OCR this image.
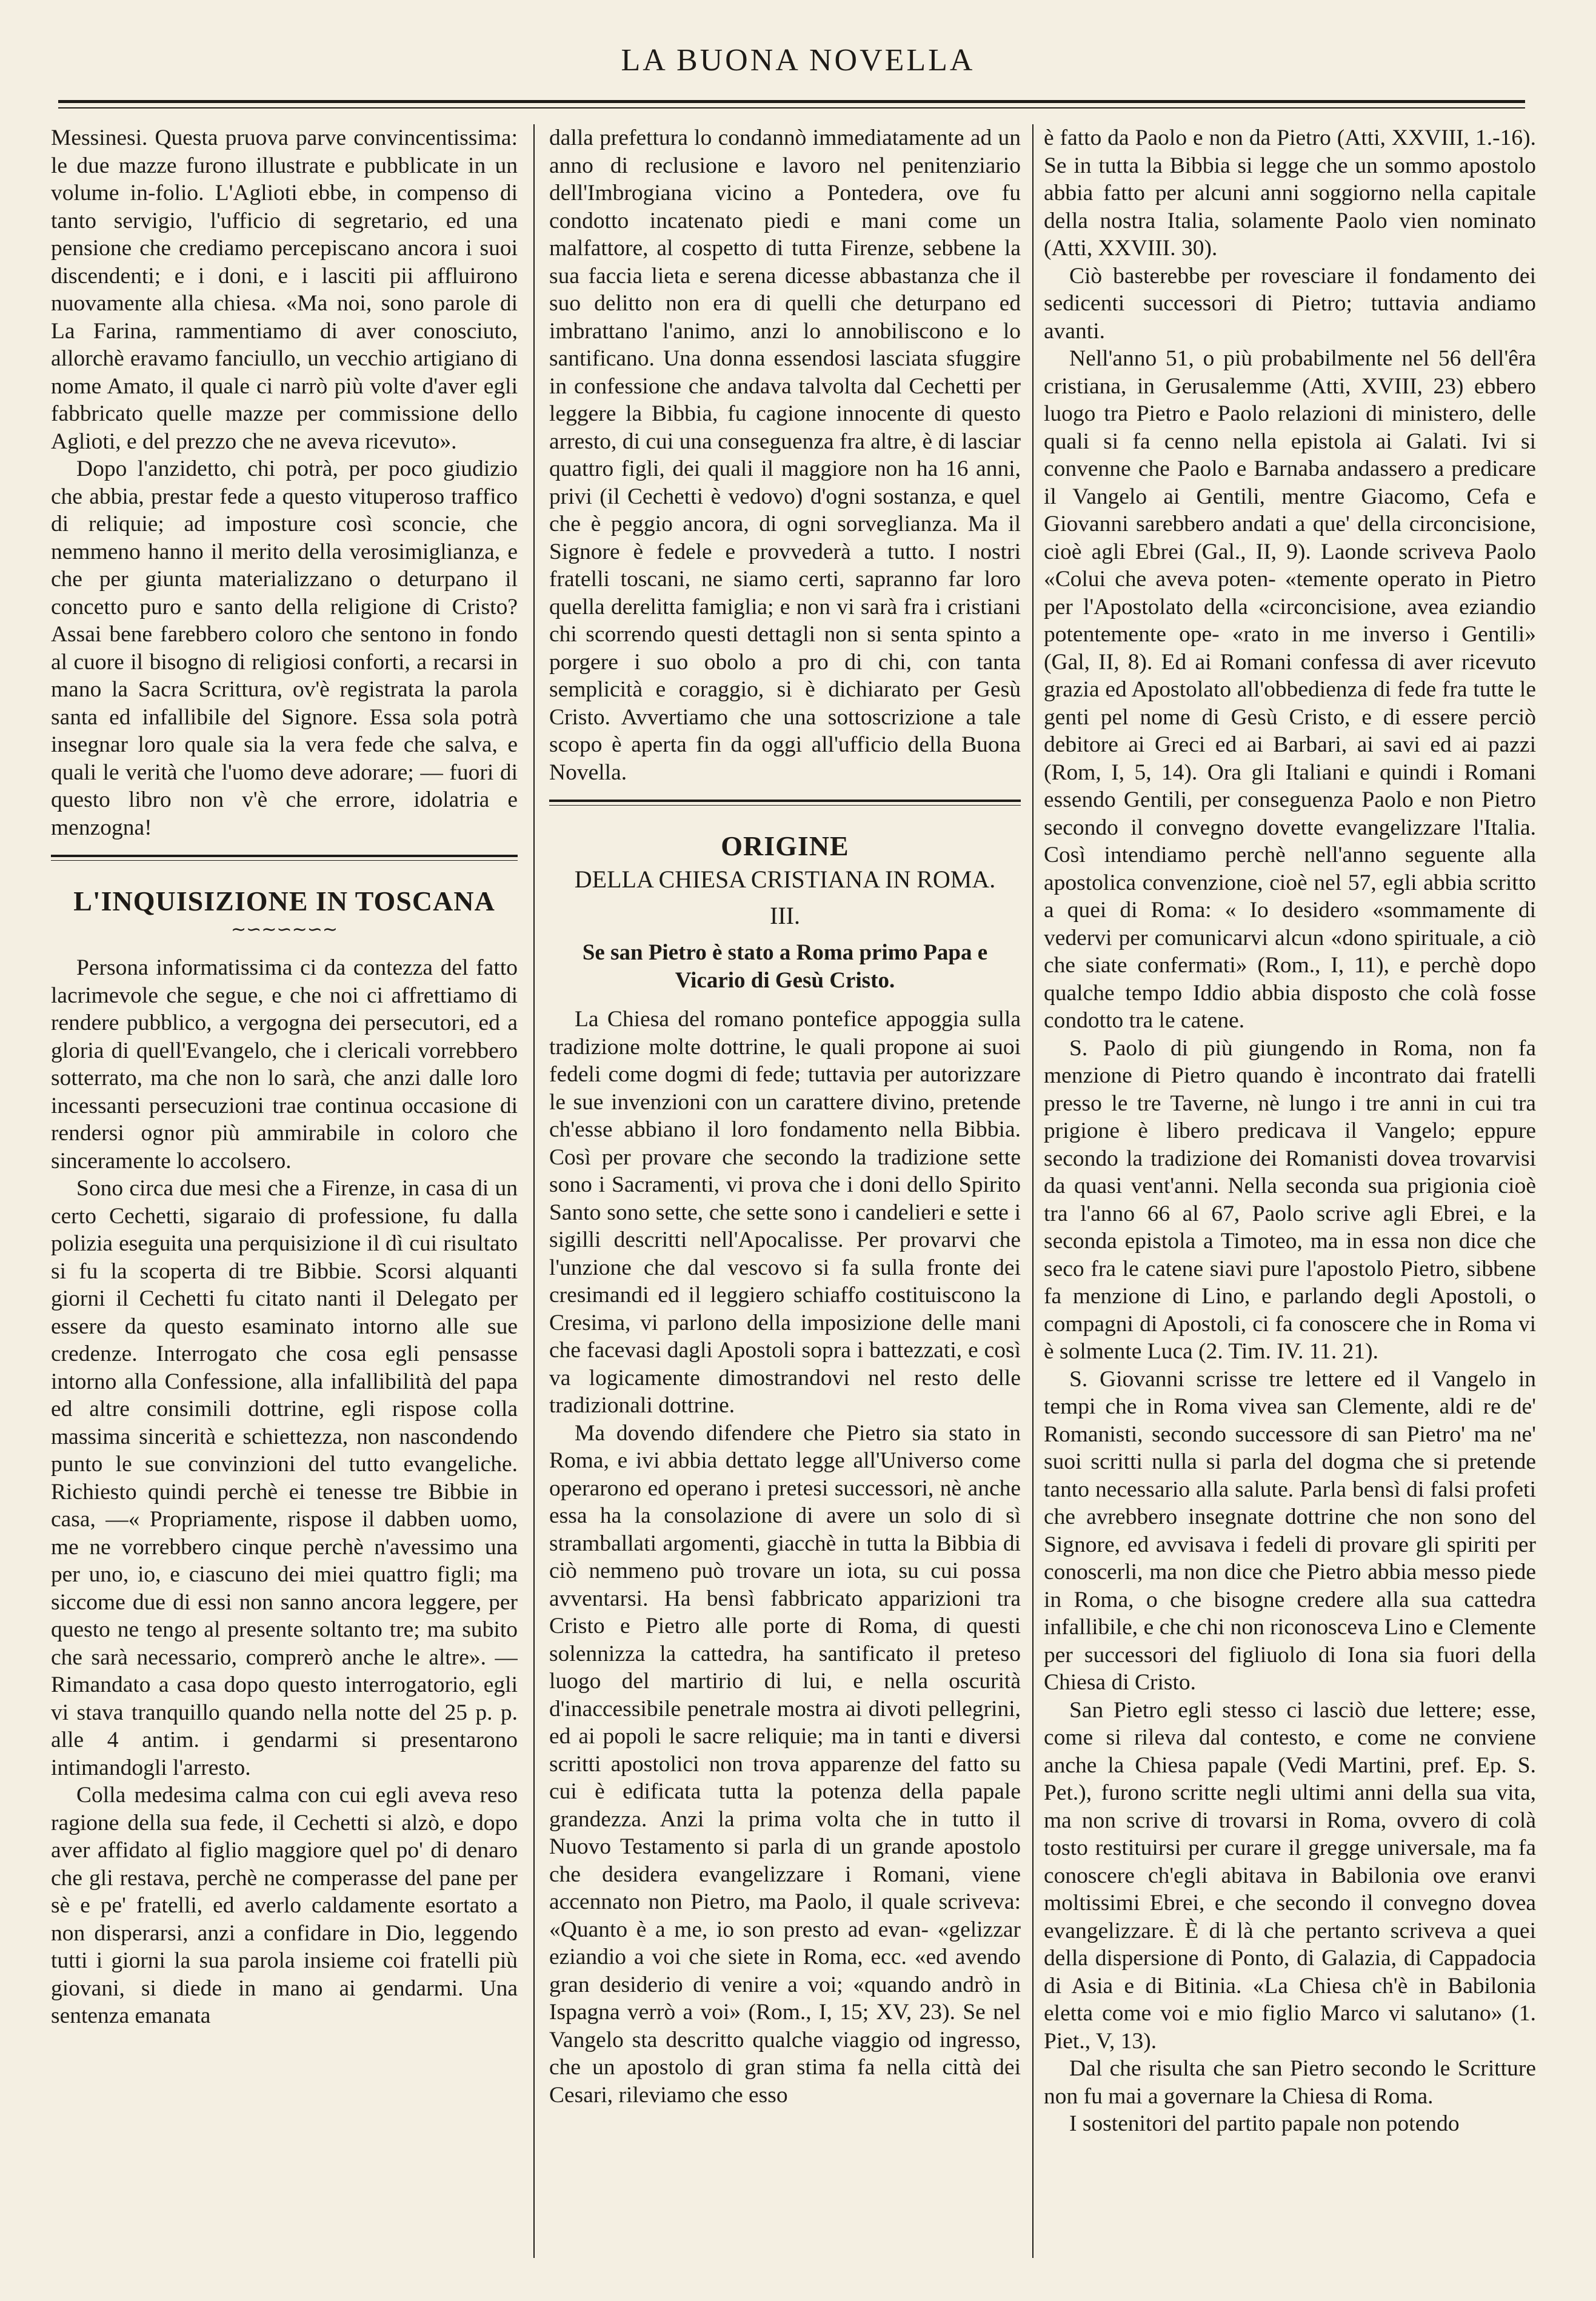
LA BUONA NOVELLA

Messinesi. Questa pruova parve convincentissima: le due mazze furono illustrate e pubblicate in un volume in-folio. L'Aglioti ebbe, in compenso di tanto servigio, l'ufficio di segretario, ed una pensione che crediamo percepiscano ancora i suoi discendenti; e i doni, e i lasciti pii affluirono nuovamente alla chiesa. «Ma noi, sono parole di La Farina, rammentiamo di aver conosciuto, allorchè eravamo fanciullo, un vecchio artigiano di nome Amato, il quale ci narrò più volte d'aver egli fabbricato quelle mazze per commissione dello Aglioti, e del prezzo che ne aveva ricevuto».

Dopo l'anzidetto, chi potrà, per poco giudizio che abbia, prestar fede a questo vituperoso traffico di reliquie; ad imposture così sconcie, che nemmeno hanno il merito della verosimiglianza, e che per giunta materializzano o deturpano il concetto puro e santo della religione di Cristo? Assai bene farebbero coloro che sentono in fondo al cuore il bisogno di religiosi conforti, a recarsi in mano la Sacra Scrittura, ov'è registrata la parola santa ed infallibile del Signore. Essa sola potrà insegnar loro quale sia la vera fede che salva, e quali le verità che l'uomo deve adorare; — fuori di questo libro non v'è che errore, idolatria e menzogna!

L'INQUISIZIONE IN TOSCANA
∼∽∼∽∼∽∼

Persona informatissima ci da contezza del fatto lacrimevole che segue, e che noi ci affrettiamo di rendere pubblico, a vergogna dei persecutori, ed a gloria di quell'Evangelo, che i clericali vorrebbero sotterrato, ma che non lo sarà, che anzi dalle loro incessanti persecuzioni trae continua occasione di rendersi ognor più ammirabile in coloro che sinceramente lo accolsero.

Sono circa due mesi che a Firenze, in casa di un certo Cechetti, sigaraio di professione, fu dalla polizia eseguita una perquisizione il dì cui risultato si fu la scoperta di tre Bibbie. Scorsi alquanti giorni il Cechetti fu citato nanti il Delegato per essere da questo esaminato intorno alle sue credenze. Interrogato che cosa egli pensasse intorno alla Confessione, alla infallibilità del papa ed altre consimili dottrine, egli rispose colla massima sincerità e schiettezza, non nascondendo punto le sue convinzioni del tutto evangeliche. Richiesto quindi perchè ei tenesse tre Bibbie in casa, —« Propriamente, rispose il dabben uomo, me ne vorrebbero cinque perchè n'avessimo una per uno, io, e ciascuno dei miei quattro figli; ma siccome due di essi non sanno ancora leggere, per questo ne tengo al presente soltanto tre; ma subito che sarà necessario, comprerò anche le altre». —Rimandato a casa dopo questo interrogatorio, egli vi stava tranquillo quando nella notte del 25 p. p. alle 4 antim. i gendarmi si presentarono intimandogli l'arresto.

Colla medesima calma con cui egli aveva reso ragione della sua fede, il Cechetti si alzò, e dopo aver affidato al figlio maggiore quel po' di denaro che gli restava, perchè ne comperasse del pane per sè e pe' fratelli, ed averlo caldamente esortato a non disperarsi, anzi a confidare in Dio, leggendo tutti i giorni la sua parola insieme coi fratelli più giovani, si diede in mano ai gendarmi. Una sentenza emanata

dalla prefettura lo condannò immediatamente ad un anno di reclusione e lavoro nel penitenziario dell'Imbrogiana vicino a Pontedera, ove fu condotto incatenato piedi e mani come un malfattore, al cospetto di tutta Firenze, sebbene la sua faccia lieta e serena dicesse abbastanza che il suo delitto non era di quelli che deturpano ed imbrattano l'animo, anzi lo annobiliscono e lo santificano. Una donna essendosi lasciata sfuggire in confessione che andava talvolta dal Cechetti per leggere la Bibbia, fu cagione innocente di questo arresto, di cui una conseguenza fra altre, è di lasciar quattro figli, dei quali il maggiore non ha 16 anni, privi (il Cechetti è vedovo) d'ogni sostanza, e quel che è peggio ancora, di ogni sorveglianza. Ma il Signore è fedele e provvederà a tutto. I nostri fratelli toscani, ne siamo certi, sapranno far loro quella derelitta famiglia; e non vi sarà fra i cristiani chi scorrendo questi dettagli non si senta spinto a porgere i suo obolo a pro di chi, con tanta semplicità e coraggio, si è dichiarato per Gesù Cristo. Avvertiamo che una sottoscrizione a tale scopo è aperta fin da oggi all'ufficio della Buona Novella.

ORIGINE
DELLA CHIESA CRISTIANA IN ROMA.
III.
Se san Pietro è stato a Roma primo Papa e Vicario di Gesù Cristo.

La Chiesa del romano pontefice appoggia sulla tradizione molte dottrine, le quali propone ai suoi fedeli come dogmi di fede; tuttavia per autorizzare le sue invenzioni con un carattere divino, pretende ch'esse abbiano il loro fondamento nella Bibbia. Così per provare che secondo la tradizione sette sono i Sacramenti, vi prova che i doni dello Spirito Santo sono sette, che sette sono i candelieri e sette i sigilli descritti nell'Apocalisse. Per provarvi che l'unzione che dal vescovo si fa sulla fronte dei cresimandi ed il leggiero schiaffo costituiscono la Cresima, vi parlono della imposizione delle mani che facevasi dagli Apostoli sopra i battezzati, e così va logicamente dimostrandovi nel resto delle tradizionali dottrine.

Ma dovendo difendere che Pietro sia stato in Roma, e ivi abbia dettato legge all'Universo come operarono ed operano i pretesi successori, nè anche essa ha la consolazione di avere un solo di sì stramballati argomenti, giacchè in tutta la Bibbia di ciò nemmeno può trovare un iota, su cui possa avventarsi. Ha bensì fabbricato apparizioni tra Cristo e Pietro alle porte di Roma, di questi solennizza la cattedra, ha santificato il preteso luogo del martirio di lui, e nella oscurità d'inaccessibile penetrale mostra ai divoti pellegrini, ed ai popoli le sacre reliquie; ma in tanti e diversi scritti apostolici non trova apparenze del fatto su cui è edificata tutta la potenza della papale grandezza. Anzi la prima volta che in tutto il Nuovo Testamento si parla di un grande apostolo che desidera evangelizzare i Romani, viene accennato non Pietro, ma Paolo, il quale scriveva: «Quanto è a me, io son presto ad evan- «gelizzar eziandio a voi che siete in Roma, ecc. «ed avendo gran desiderio di venire a voi; «quando andrò in Ispagna verrò a voi» (Rom., I, 15; XV, 23). Se nel Vangelo sta descritto qualche viaggio od ingresso, che un apostolo di gran stima fa nella città dei Cesari, rileviamo che esso

è fatto da Paolo e non da Pietro (Atti, XXVIII, 1.-16). Se in tutta la Bibbia si legge che un sommo apostolo abbia fatto per alcuni anni soggiorno nella capitale della nostra Italia, solamente Paolo vien nominato (Atti, XXVIII. 30).

Ciò basterebbe per rovesciare il fondamento dei sedicenti successori di Pietro; tuttavia andiamo avanti.

Nell'anno 51, o più probabilmente nel 56 dell'êra cristiana, in Gerusalemme (Atti, XVIII, 23) ebbero luogo tra Pietro e Paolo relazioni di ministero, delle quali si fa cenno nella epistola ai Galati. Ivi si convenne che Paolo e Barnaba andassero a predicare il Vangelo ai Gentili, mentre Giacomo, Cefa e Giovanni sarebbero andati a que' della circoncisione, cioè agli Ebrei (Gal., II, 9). Laonde scriveva Paolo «Colui che aveva poten- «temente operato in Pietro per l'Apostolato della «circoncisione, avea eziandio potentemente ope- «rato in me inverso i Gentili» (Gal, II, 8). Ed ai Romani confessa di aver ricevuto grazia ed Apostolato all'obbedienza di fede fra tutte le genti pel nome di Gesù Cristo, e di essere perciò debitore ai Greci ed ai Barbari, ai savi ed ai pazzi (Rom, I, 5, 14). Ora gli Italiani e quindi i Romani essendo Gentili, per conseguenza Paolo e non Pietro secondo il convegno dovette evangelizzare l'Italia. Così intendiamo perchè nell'anno seguente alla apostolica convenzione, cioè nel 57, egli abbia scritto a quei di Roma: « Io desidero «sommamente di vedervi per comunicarvi alcun «dono spirituale, a ciò che siate confermati» (Rom., I, 11), e perchè dopo qualche tempo Iddio abbia disposto che colà fosse condotto tra le catene.

S. Paolo di più giungendo in Roma, non fa menzione di Pietro quando è incontrato dai fratelli presso le tre Taverne, nè lungo i tre anni in cui tra prigione è libero predicava il Vangelo; eppure secondo la tradizione dei Romanisti dovea trovarvisi da quasi vent'anni. Nella seconda sua prigionia cioè tra l'anno 66 al 67, Paolo scrive agli Ebrei, e la seconda epistola a Timoteo, ma in essa non dice che seco fra le catene siavi pure l'apostolo Pietro, sibbene fa menzione di Lino, e parlando degli Apostoli, o compagni di Apostoli, ci fa conoscere che in Roma vi è solmente Luca (2. Tim. IV. 11. 21).

S. Giovanni scrisse tre lettere ed il Vangelo in tempi che in Roma vivea san Clemente, aldi re de' Romanisti, secondo successore di san Pietro' ma ne' suoi scritti nulla si parla del dogma che si pretende tanto necessario alla salute. Parla bensì di falsi profeti che avrebbero insegnate dottrine che non sono del Signore, ed avvisava i fedeli di provare gli spiriti per conoscerli, ma non dice che Pietro abbia messo piede in Roma, o che bisogne credere alla sua cattedra infallibile, e che chi non riconosceva Lino e Clemente per successori del figliuolo di Iona sia fuori della Chiesa di Cristo.

San Pietro egli stesso ci lasciò due lettere; esse, come si rileva dal contesto, e come ne conviene anche la Chiesa papale (Vedi Martini, pref. Ep. S. Pet.), furono scritte negli ultimi anni della sua vita, ma non scrive di trovarsi in Roma, ovvero di colà tosto restituirsi per curare il gregge universale, ma fa conoscere ch'egli abitava in Babilonia ove eranvi moltissimi Ebrei, e che secondo il convegno dovea evangelizzare. È di là che pertanto scriveva a quei della dispersione di Ponto, di Galazia, di Cappadocia di Asia e di Bitinia. «La Chiesa ch'è in Babilonia eletta come voi e mio figlio Marco vi salutano» (1. Piet., V, 13).

Dal che risulta che san Pietro secondo le Scritture non fu mai a governare la Chiesa di Roma.

I sostenitori del partito papale non potendo
